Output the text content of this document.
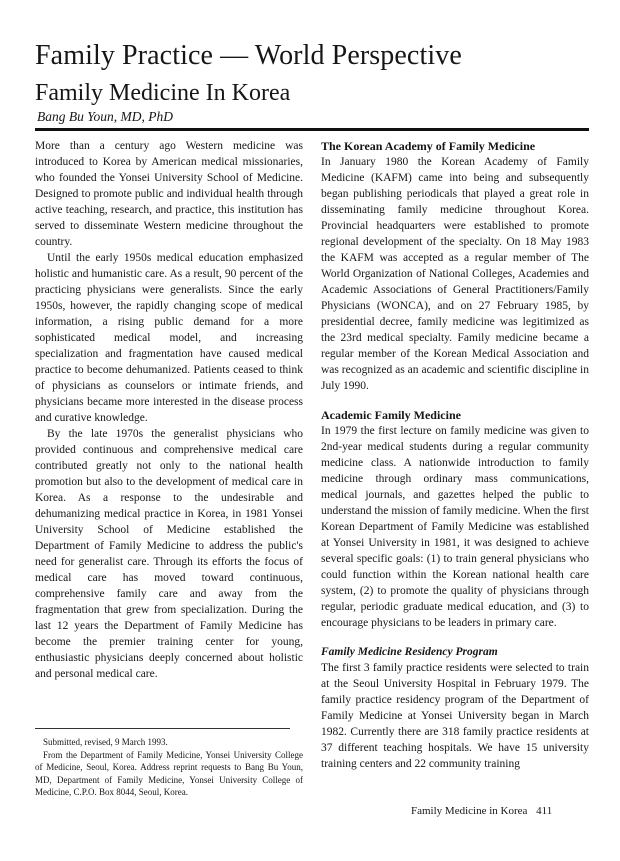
Family Practice — World Perspective
Family Medicine In Korea
Bang Bu Youn, MD, PhD

More than a century ago Western medicine was introduced to Korea by American medical missionaries, who founded the Yonsei University School of Medicine. Designed to promote public and individual health through active teaching, research, and practice, this institution has served to disseminate Western medicine throughout the country.

Until the early 1950s medical education emphasized holistic and humanistic care. As a result, 90 percent of the practicing physicians were generalists. Since the early 1950s, however, the rapidly changing scope of medical information, a rising public demand for a more sophisticated medical model, and increasing specialization and fragmentation have caused medical practice to become dehumanized. Patients ceased to think of physicians as counselors or intimate friends, and physicians became more interested in the disease process and curative knowledge.

By the late 1970s the generalist physicians who provided continuous and comprehensive medical care contributed greatly not only to the national health promotion but also to the development of medical care in Korea. As a response to the undesirable and dehumanizing medical practice in Korea, in 1981 Yonsei University School of Medicine established the Department of Family Medicine to address the public's need for generalist care. Through its efforts the focus of medical care has moved toward continuous, comprehensive family care and away from the fragmentation that grew from specialization. During the last 12 years the Department of Family Medicine has become the premier training center for young, enthusiastic physicians deeply concerned about holistic and personal medical care.

Submitted, revised, 9 March 1993.

From the Department of Family Medicine, Yonsei University College of Medicine, Seoul, Korea. Address reprint requests to Bang Bu Youn, MD, Department of Family Medicine, Yonsei University College of Medicine, C.P.O. Box 8044, Seoul, Korea.

The Korean Academy of Family Medicine

In January 1980 the Korean Academy of Family Medicine (KAFM) came into being and subsequently began publishing periodicals that played a great role in disseminating family medicine throughout Korea. Provincial headquarters were established to promote regional development of the specialty. On 18 May 1983 the KAFM was accepted as a regular member of The World Organization of National Colleges, Academies and Academic Associations of General Practitioners/Family Physicians (WONCA), and on 27 February 1985, by presidential decree, family medicine was legitimized as the 23rd medical specialty. Family medicine became a regular member of the Korean Medical Association and was recognized as an academic and scientific discipline in July 1990.

Academic Family Medicine

In 1979 the first lecture on family medicine was given to 2nd-year medical students during a regular community medicine class. A nationwide introduction to family medicine through ordinary mass communications, medical journals, and gazettes helped the public to understand the mission of family medicine. When the first Korean Department of Family Medicine was established at Yonsei University in 1981, it was designed to achieve several specific goals: (1) to train general physicians who could function within the Korean national health care system, (2) to promote the quality of physicians through regular, periodic graduate medical education, and (3) to encourage physicians to be leaders in primary care.

Family Medicine Residency Program

The first 3 family practice residents were selected to train at the Seoul University Hospital in February 1979. The family practice residency program of the Department of Family Medicine at Yonsei University began in March 1982. Currently there are 318 family practice residents at 37 different teaching hospitals. We have 15 university training centers and 22 community training

Family Medicine in Korea 411
